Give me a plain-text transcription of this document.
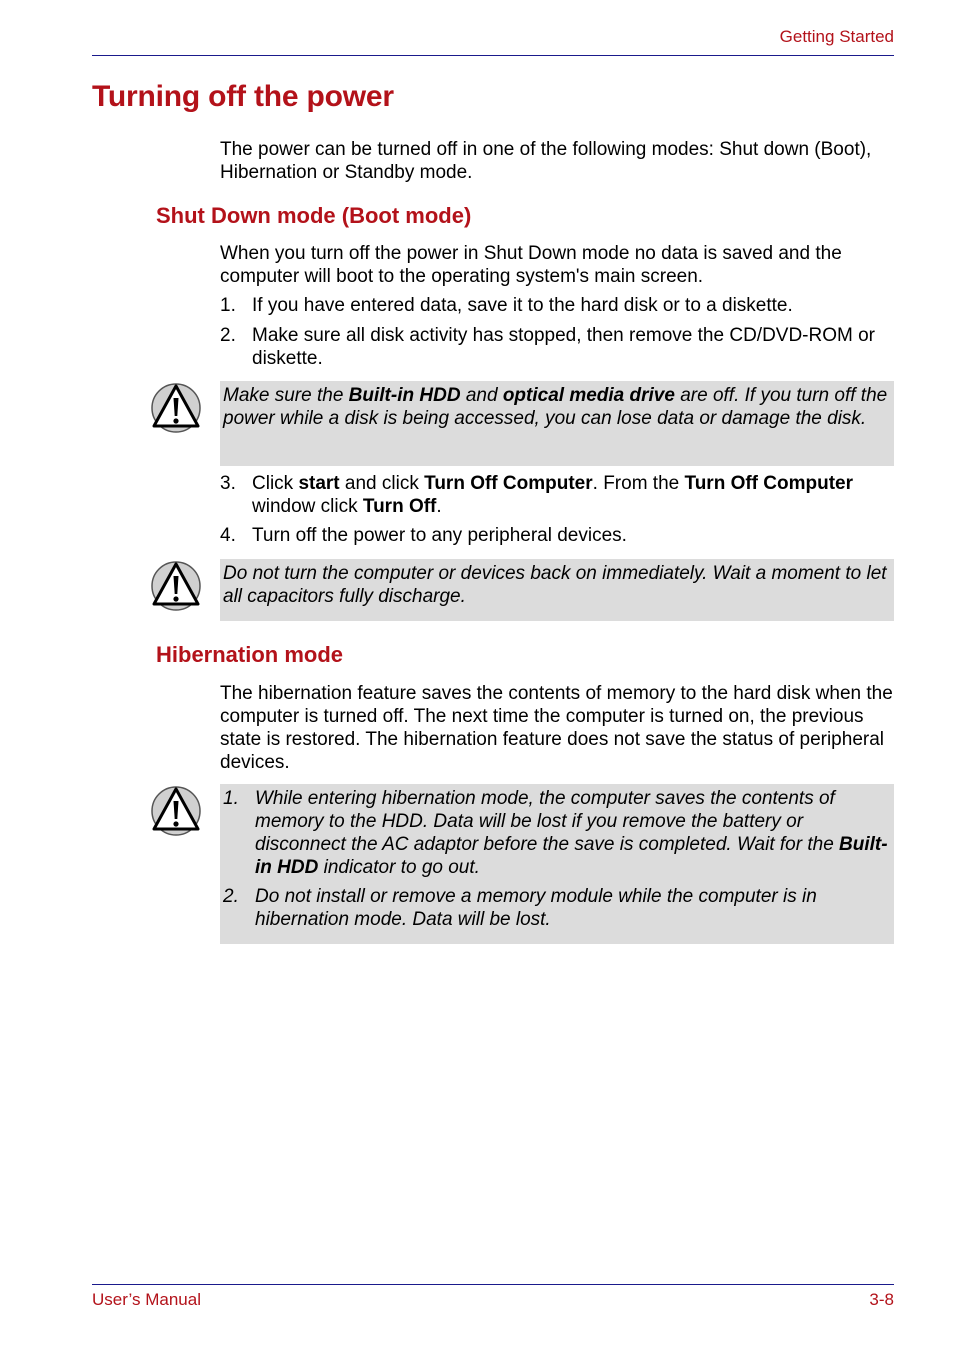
Getting Started
Turning off the power

The power can be turned off in one of the following modes: Shut down (Boot), Hibernation or Standby mode.

Shut Down mode (Boot mode)

When you turn off the power in Shut Down mode no data is saved and the computer will boot to the operating system's main screen.

1. If you have entered data, save it to the hard disk or to a diskette.
2. Make sure all disk activity has stopped, then remove the CD/DVD-ROM or diskette.
Make sure the Built-in HDD and optical media drive are off. If you turn off the power while a disk is being accessed, you can lose data or damage the disk.
3. Click start and click Turn Off Computer. From the Turn Off Computer window click Turn Off.
4. Turn off the power to any peripheral devices.
Do not turn the computer or devices back on immediately. Wait a moment to let all capacitors fully discharge.
Hibernation mode

The hibernation feature saves the contents of memory to the hard disk when the computer is turned off. The next time the computer is turned on, the previous state is restored. The hibernation feature does not save the status of peripheral devices.

1. While entering hibernation mode, the computer saves the contents of memory to the HDD. Data will be lost if you remove the battery or disconnect the AC adaptor before the save is completed. Wait for the Built-in HDD indicator to go out.
2. Do not install or remove a memory module while the computer is in hibernation mode. Data will be lost.
User’s Manual	3-8
